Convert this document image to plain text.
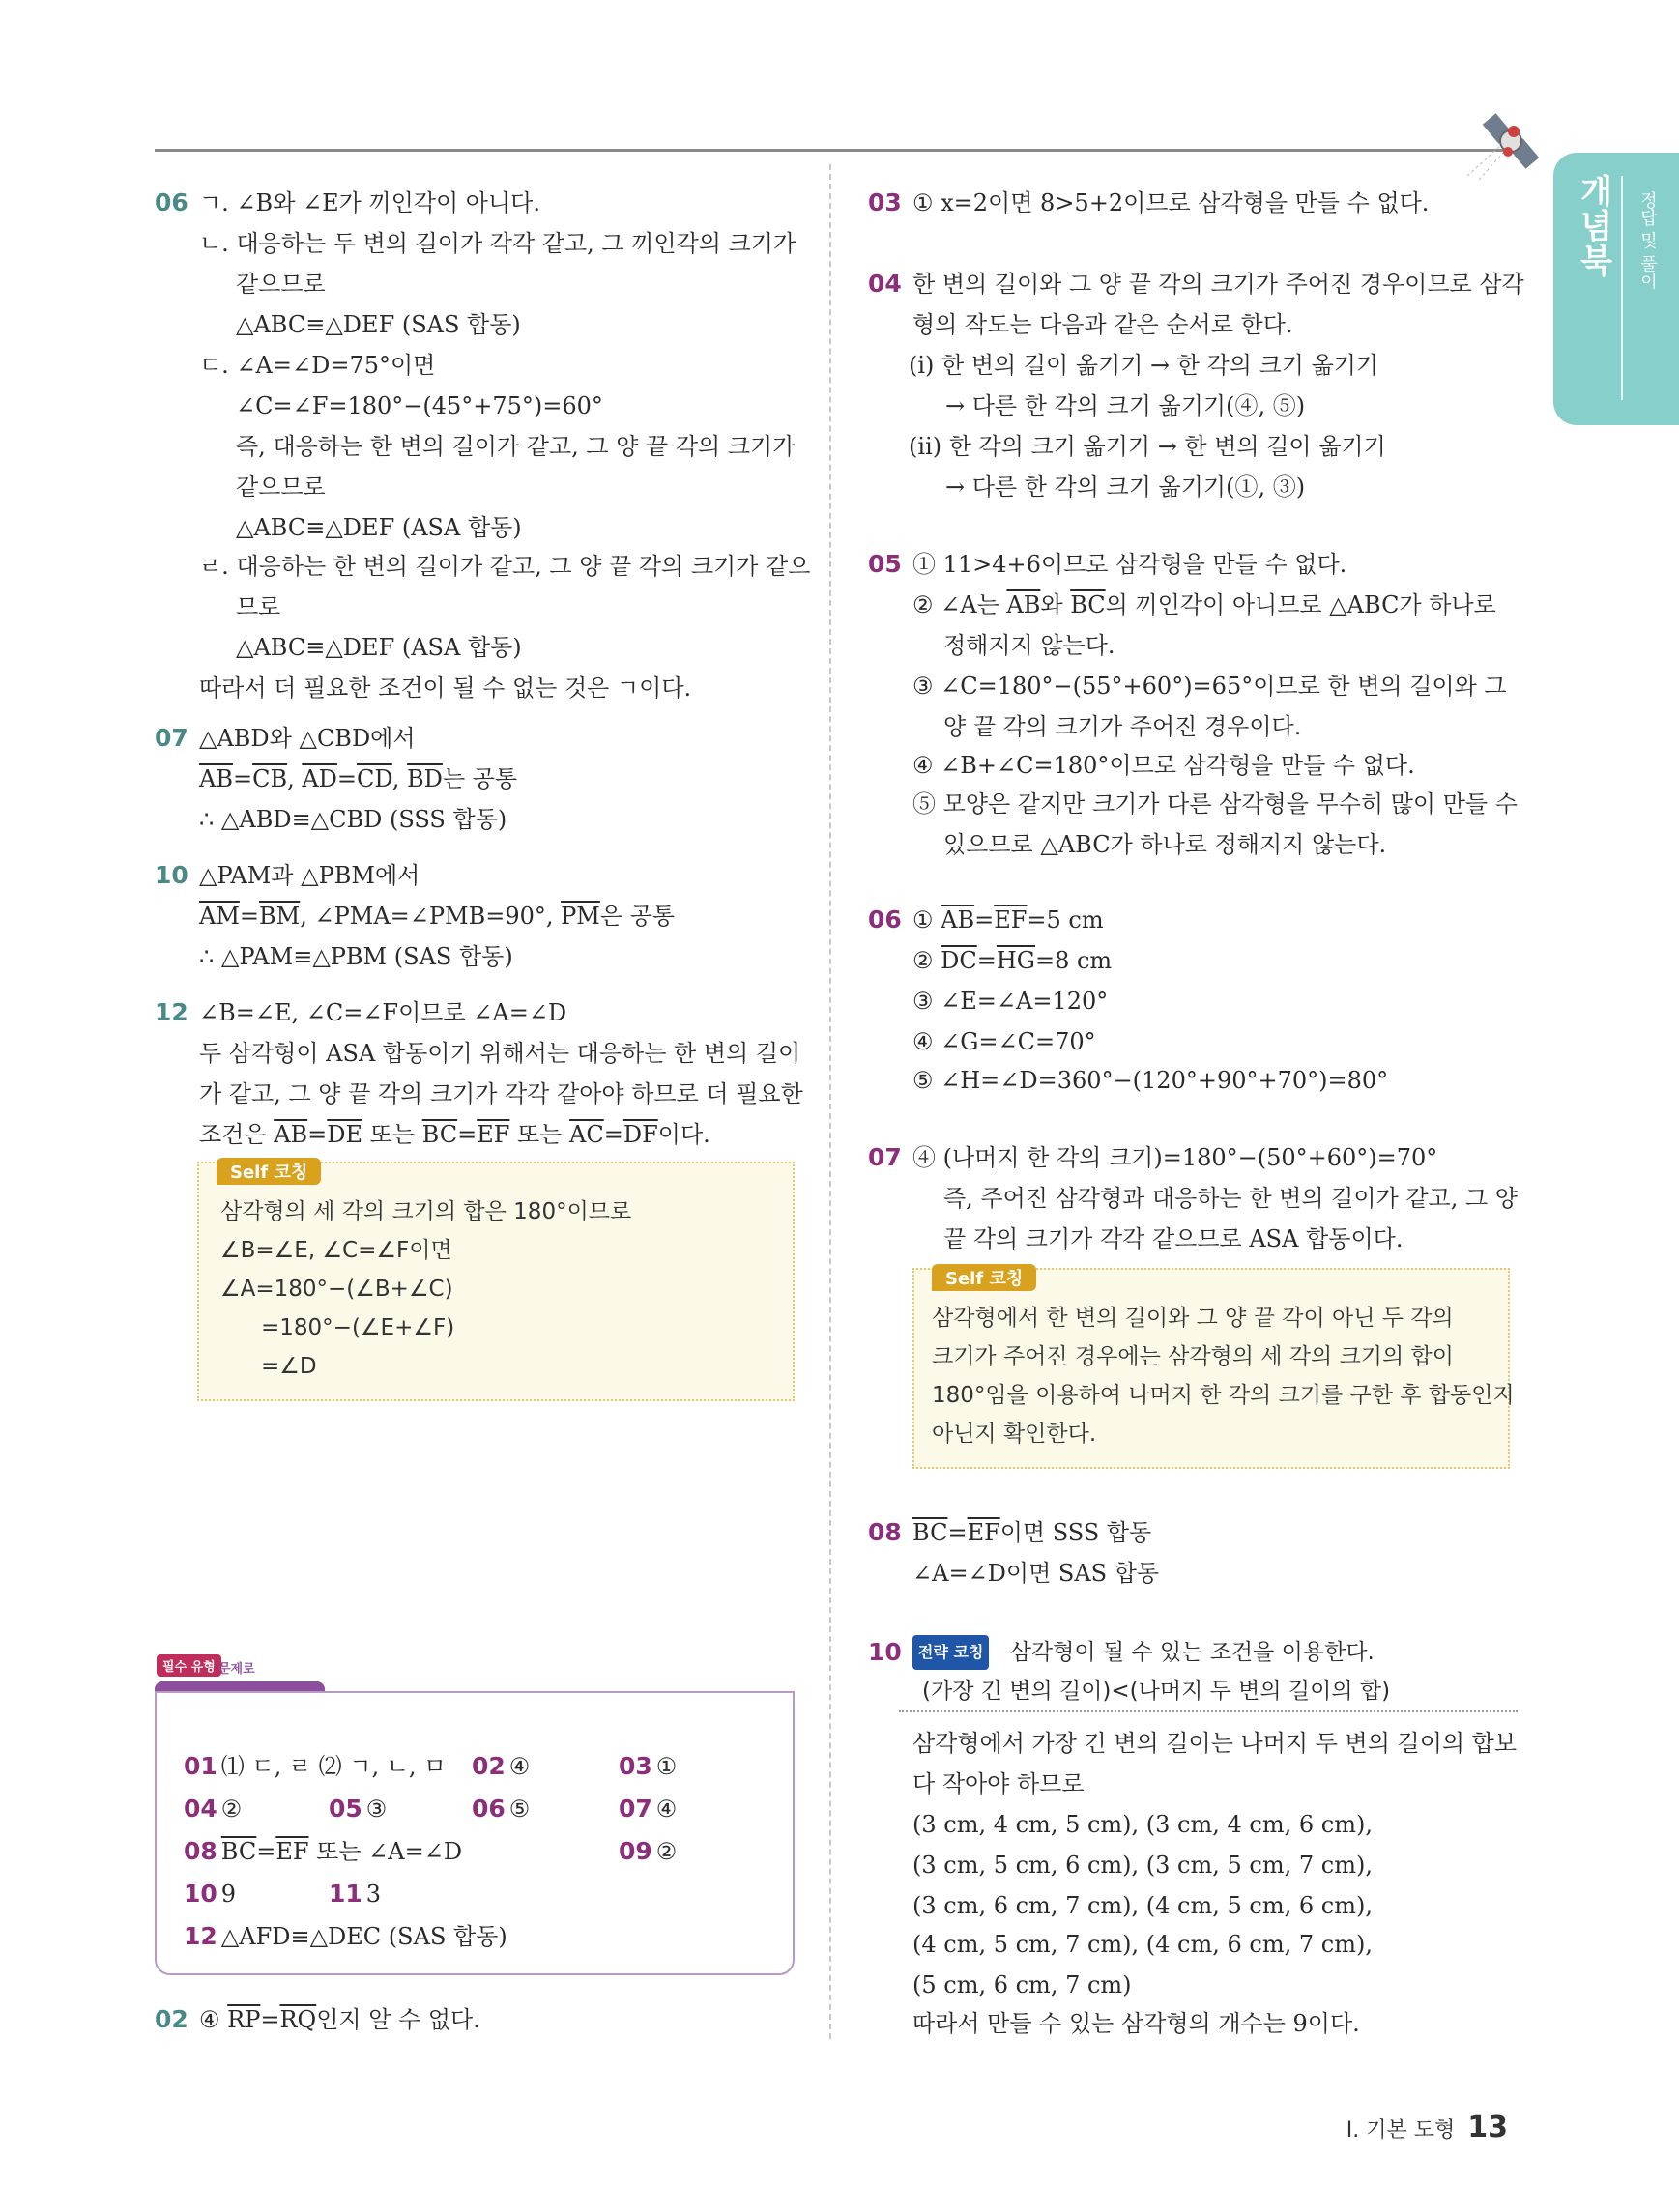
개념북 정답 및 풀이
06 ㄱ. ∠B와 ∠E가 끼인각이 아니다.
ㄴ. 대응하는 두 변의 길이가 각각 같고, 그 끼인각의 크기가
같으므로
△ABC≡△DEF (SAS 합동)
ㄷ. ∠A=∠D=75°이면
∠C=∠F=180°−(45°+75°)=60°
즉, 대응하는 한 변의 길이가 같고, 그 양 끝 각의 크기가
같으므로
△ABC≡△DEF (ASA 합동)
ㄹ. 대응하는 한 변의 길이가 같고, 그 양 끝 각의 크기가 같으
므로
△ABC≡△DEF (ASA 합동)
따라서 더 필요한 조건이 될 수 없는 것은 ㄱ이다.
07 △ABD와 △CBD에서
$\overline{AB}=\overline{CB}$, $\overline{AD}=\overline{CD}$, $\overline{BD}$는 공통
∴ △ABD≡△CBD (SSS 합동)
10 △PAM과 △PBM에서
$\overline{AM}=\overline{BM}$, ∠PMA=∠PMB=90°, $\overline{PM}$은 공통
∴ △PAM≡△PBM (SAS 합동)
12 ∠B=∠E, ∠C=∠F이므로 ∠A=∠D
두 삼각형이 ASA 합동이기 위해서는 대응하는 한 변의 길이
가 같고, 그 양 끝 각의 크기가 각각 같아야 하므로 더 필요한
조건은 $\overline{AB}=\overline{DE}$ 또는 $\overline{BC}=\overline{EF}$ 또는 $\overline{AC}=\overline{DF}$이다.
Self 코칭
삼각형의 세 각의 크기의 합은 180°이므로
∠B=∠E, ∠C=∠F이면
∠A=180°−(∠B+∠C)
=180°−(∠E+∠F)
=∠D
필수 유형 문제로
01 ⑴ ㄷ, ㄹ ⑵ ㄱ, ㄴ, ㅁ 02 ④	03 ①
04 ②	05 ③	06 ⑤	07 ④
08 $\overline{BC}=\overline{EF}$ 또는 ∠A=∠D	09 ②
10 9	11 3
12 △AFD≡△DEC (SAS 합동)
02 ④ $\overline{RP}=\overline{RQ}$인지 알 수 없다.
03 ① x=2이면 8>5+2이므로 삼각형을 만들 수 없다.
04 한 변의 길이와 그 양 끝 각의 크기가 주어진 경우이므로 삼각
형의 작도는 다음과 같은 순서로 한다.
(ⅰ) 한 변의 길이 옮기기 → 한 각의 크기 옮기기
→ 다른 한 각의 크기 옮기기(④, ⑤)
(ⅱ) 한 각의 크기 옮기기 → 한 변의 길이 옮기기
→ 다른 한 각의 크기 옮기기(①, ③)
05 ① 11>4+6이므로 삼각형을 만들 수 없다.
② ∠A는 $\overline{AB}$와 $\overline{BC}$의 끼인각이 아니므로 △ABC가 하나로
정해지지 않는다.
③ ∠C=180°−(55°+60°)=65°이므로 한 변의 길이와 그
양 끝 각의 크기가 주어진 경우이다.
④ ∠B+∠C=180°이므로 삼각형을 만들 수 없다.
⑤ 모양은 같지만 크기가 다른 삼각형을 무수히 많이 만들 수
있으므로 △ABC가 하나로 정해지지 않는다.
06 ① $\overline{AB}=\overline{EF}=5$ cm
② $\overline{DC}=\overline{HG}=8$ cm
③ ∠E=∠A=120°
④ ∠G=∠C=70°
⑤ ∠H=∠D=360°−(120°+90°+70°)=80°
07 ④ (나머지 한 각의 크기)=180°−(50°+60°)=70°
즉, 주어진 삼각형과 대응하는 한 변의 길이가 같고, 그 양
끝 각의 크기가 각각 같으므로 ASA 합동이다.
Self 코칭
삼각형에서 한 변의 길이와 그 양 끝 각이 아닌 두 각의
크기가 주어진 경우에는 삼각형의 세 각의 크기의 합이
180°임을 이용하여 나머지 한 각의 크기를 구한 후 합동인지
아닌지 확인한다.
08 $\overline{BC}=\overline{EF}$이면 SSS 합동
∠A=∠D이면 SAS 합동
10	전략 코칭 삼각형이 될 수 있는 조건을 이용한다.
(가장 긴 변의 길이)<(나머지 두 변의 길이의 합)
삼각형에서 가장 긴 변의 길이는 나머지 두 변의 길이의 합보
다 작아야 하므로
(3 cm, 4 cm, 5 cm), (3 cm, 4 cm, 6 cm),
(3 cm, 5 cm, 6 cm), (3 cm, 5 cm, 7 cm),
(3 cm, 6 cm, 7 cm), (4 cm, 5 cm, 6 cm),
(4 cm, 5 cm, 7 cm), (4 cm, 6 cm, 7 cm),
(5 cm, 6 cm, 7 cm)
따라서 만들 수 있는 삼각형의 개수는 9이다.
Ⅰ. 기본 도형 13
